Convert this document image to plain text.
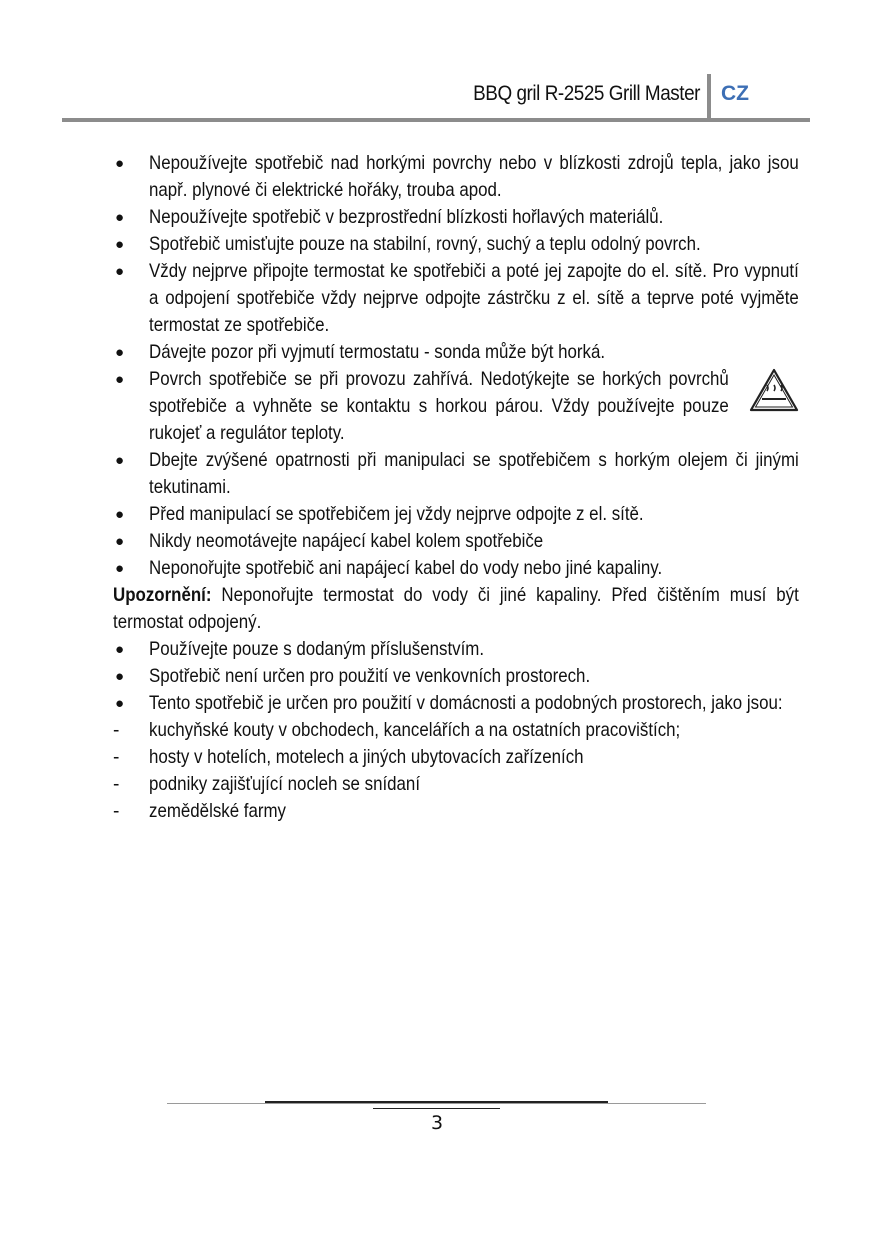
BBQ gril R-2525 Grill Master CZ
● Nepoužívejte spotřebič nad horkými povrchy nebo v blízkosti zdrojů tepla, jako jsou např. plynové či elektrické hořáky, trouba apod.
● Nepoužívejte spotřebič v bezprostřední blízkosti hořlavých materiálů.
● Spotřebič umisťujte pouze na stabilní, rovný, suchý a teplu odolný povrch.
● Vždy nejprve připojte termostat ke spotřebiči a poté jej zapojte do el. sítě. Pro vypnutí a odpojení spotřebiče vždy nejprve odpojte zástrčku z el. sítě a teprve poté vyjměte termostat ze spotřebiče.
● Dávejte pozor při vyjmutí termostatu - sonda může být horká.
● Povrch spotřebiče se při provozu zahřívá. Nedotýkejte se horkých povrchů spotřebiče a vyhněte se kontaktu s horkou párou. Vždy používejte pouze rukojeť a regulátor teploty.
● Dbejte zvýšené opatrnosti při manipulaci se spotřebičem s horkým olejem či jinými tekutinami.
● Před manipulací se spotřebičem jej vždy nejprve odpojte z el. sítě.
● Nikdy neomotávejte napájecí kabel kolem spotřebiče
● Neponořujte spotřebič ani napájecí kabel do vody nebo jiné kapaliny.
Upozornění: Neponořujte termostat do vody či jiné kapaliny. Před čištěním musí být termostat odpojený.
● Používejte pouze s dodaným příslušenstvím.
● Spotřebič není určen pro použití ve venkovních prostorech.
● Tento spotřebič je určen pro použití v domácnosti a podobných prostorech, jako jsou:
-	kuchyňské kouty v obchodech, kancelářích a na ostatních pracovištích;
-	hosty v hotelích, motelech a jiných ubytovacích zařízeních
-	podniky zajišťující nocleh se snídaní
-	zemědělské farmy
3
